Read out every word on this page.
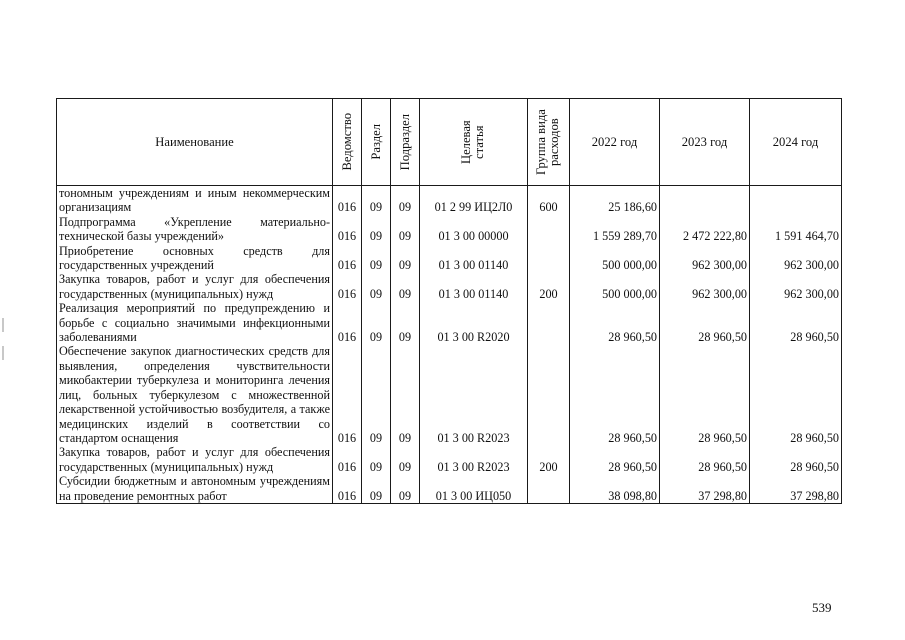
Наименование	Ведомство	Раздел	Подраздел	Целевая статья	Группа вида расходов	2022 год	2023 год	2024 год
тономным учреждениям и иным некоммерческим организациям	016	09	09	01 2 99 ИЦ2Л0	600	25 186,60		
Подпрограмма «Укрепление материально-технической базы учреждений»	016	09	09	01 3 00 00000		1 559 289,70	2 472 222,80	1 591 464,70
Приобретение основных средств для государственных учреждений	016	09	09	01 3 00 01140		500 000,00	962 300,00	962 300,00
Закупка товаров, работ и услуг для обеспечения государственных (муниципальных) нужд	016	09	09	01 3 00 01140	200	500 000,00	962 300,00	962 300,00
Реализация мероприятий по предупреждению и борьбе с социально значимыми инфекционными заболеваниями	016	09	09	01 3 00 R2020		28 960,50	28 960,50	28 960,50
Обеспечение закупок диагностических средств для выявления, определения чувствительности микобактерии туберкулеза и мониторинга лечения лиц, больных туберкулезом с множественной лекарственной устойчивостью возбудителя, а также медицинских изделий в соответствии со стандартом оснащения	016	09	09	01 3 00 R2023		28 960,50	28 960,50	28 960,50
Закупка товаров, работ и услуг для обеспечения государственных (муниципальных) нужд	016	09	09	01 3 00 R2023	200	28 960,50	28 960,50	28 960,50
Субсидии бюджетным и автономным учреждениям на проведение ремонтных работ	016	09	09	01 3 00 ИЦ050		38 098,80	37 298,80	37 298,80
539
